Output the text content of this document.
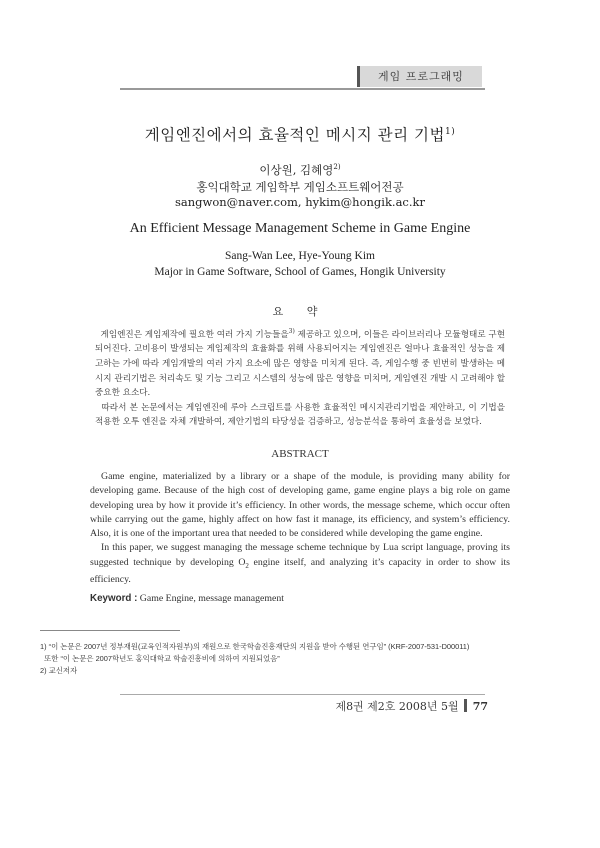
게임 프로그래밍
게임엔진에서의 효율적인 메시지 관리 기법$^{1)}$
이상원, 김혜영$^{2)}$
홍익대학교 게임학부 게임소프트웨어전공
sangwon@naver.com, hykim@hongik.ac.kr
An Efficient Message Management Scheme in Game Engine
Sang-Wan Lee, Hye-Young Kim
Major in Game Software, School of Games, Hongik University
요 약

게임엔진은 게임제작에 필요한 여러 가지 기능들을$^{3)}$ 제공하고 있으며, 이들은 라이브러리나 모듈형태로 구현되어진다. 고비용이 발생되는 게임제작의 효율화를 위해 사용되어지는 게임엔진은 얼마나 효율적인 성능을 제고하는 가에 따라 게임개발의 여러 가지 요소에 많은 영향을 미치게 된다. 즉, 게임수행 중 빈번히 발생하는 메시지 관리기법은 처리속도 및 기능 그리고 시스템의 성능에 많은 영향을 미치며, 게임엔진 개발 시 고려해야 할 중요한 요소다.

따라서 본 논문에서는 게임엔진에 루아 스크립트를 사용한 효율적인 메시지관리기법을 제안하고, 이 기법을 적용한 오투 엔진을 자체 개발하여, 제안기법의 타당성을 검증하고, 성능분석을 통하여 효율성을 보였다.

ABSTRACT

Game engine, materialized by a library or a shape of the module, is providing many ability for developing game. Because of the high cost of developing game, game engine plays a big role on game developing urea by how it provide it’s efficiency. In other words, the message scheme, which occur often while carrying out the game, highly affect on how fast it manage, its efficiency, and system’s efficiency. Also, it is one of the important urea that needed to be considered while developing the game engine.

In this paper, we suggest managing the message scheme technique by Lua script language, proving its suggested technique by developing $O_2$ engine itself, and analyzing it’s capacity in order to show its efficiency.

Keyword : Game Engine, message management
1) “이 논문은 2007년 정부재원(교육인적자원부)의 재원으로 한국학술진흥재단의 지원을 받아 수행된 연구임” (KRF-2007-531-D00011)
또한 “이 논문은 2007학년도 홍익대학교 학술진흥비에 의하여 지원되었음”
2) 교신저자
제8권 제2호 2008년 5월 77
